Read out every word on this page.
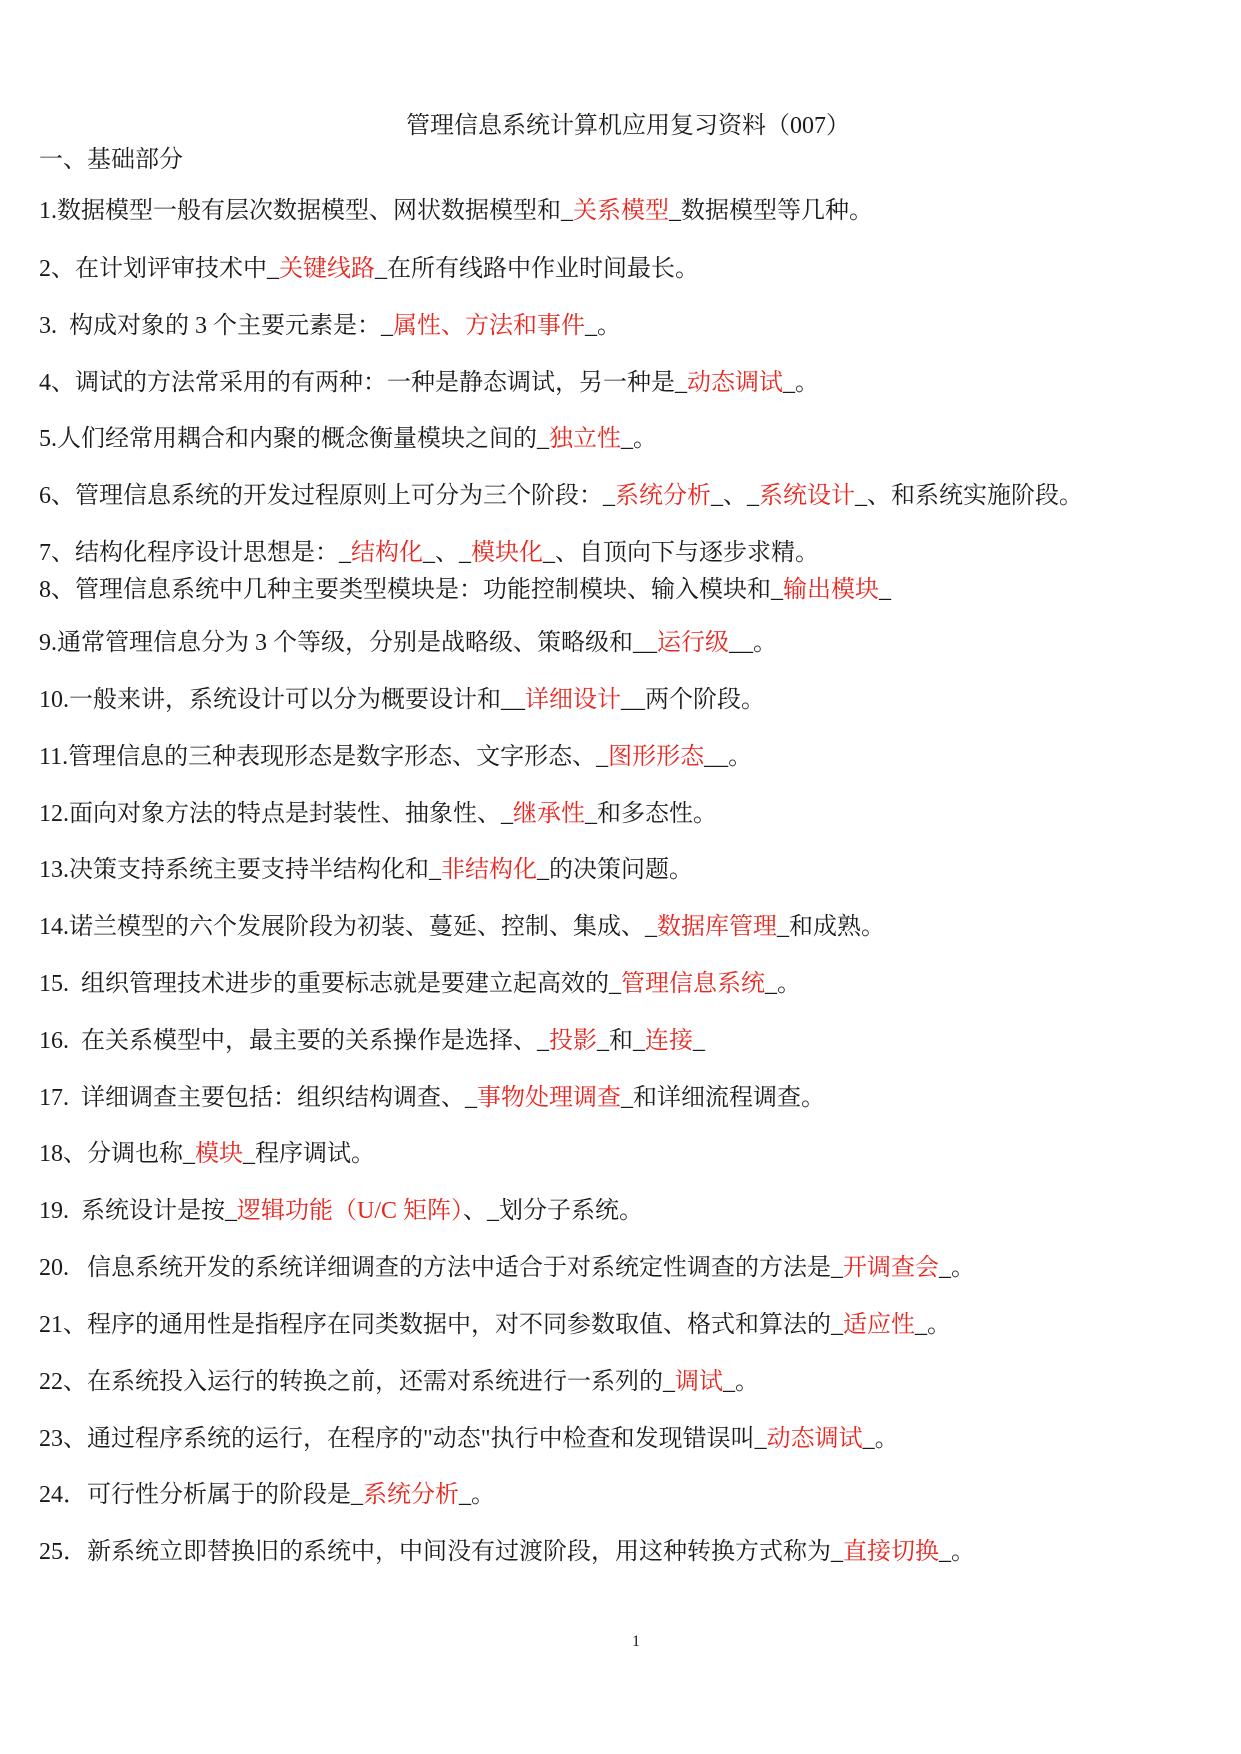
管理信息系统计算机应用复习资料（007）
一、基础部分
1.数据模型一般有层次数据模型、网状数据模型和_关系模型_数据模型等几种。
2、在计划评审技术中_关键线路_在所有线路中作业时间最长。
3.  构成对象的 3 个主要元素是：_属性、方法和事件_。
4、调试的方法常采用的有两种：一种是静态调试，另一种是_动态调试_。
5.人们经常用耦合和内聚的概念衡量模块之间的_独立性_。
6、管理信息系统的开发过程原则上可分为三个阶段：_系统分析_、_系统设计_、和系统实施阶段。
7、结构化程序设计思想是：_结构化_、_模块化_、自顶向下与逐步求精。
8、管理信息系统中几种主要类型模块是：功能控制模块、输入模块和_输出模块_
9.通常管理信息分为 3 个等级，分别是战略级、策略级和__运行级__。
10.一般来讲，系统设计可以分为概要设计和__详细设计__两个阶段。
11.管理信息的三种表现形态是数字形态、文字形态、_图形形态__。
12.面向对象方法的特点是封装性、抽象性、_继承性_和多态性。
13.决策支持系统主要支持半结构化和_非结构化_的决策问题。
14.诺兰模型的六个发展阶段为初装、蔓延、控制、集成、_数据库管理_和成熟。
15.  组织管理技术进步的重要标志就是要建立起高效的_管理信息系统_。
16.  在关系模型中，最主要的关系操作是选择、_投影_和_连接_
17.  详细调查主要包括：组织结构调查、_事物处理调查_和详细流程调查。
18、分调也称_模块_程序调试。
19.  系统设计是按_逻辑功能（U/C 矩阵）、_划分子系统。
20.   信息系统开发的系统详细调查的方法中适合于对系统定性调查的方法是_开调查会_。
21、程序的通用性是指程序在同类数据中，对不同参数取值、格式和算法的_适应性_。
22、在系统投入运行的转换之前，还需对系统进行一系列的_调试_。
23、通过程序系统的运行，在程序的"动态"执行中检查和发现错误叫_动态调试_。
24．可行性分析属于的阶段是_系统分析_。
25．新系统立即替换旧的系统中，中间没有过渡阶段，用这种转换方式称为_直接切换_。
1
